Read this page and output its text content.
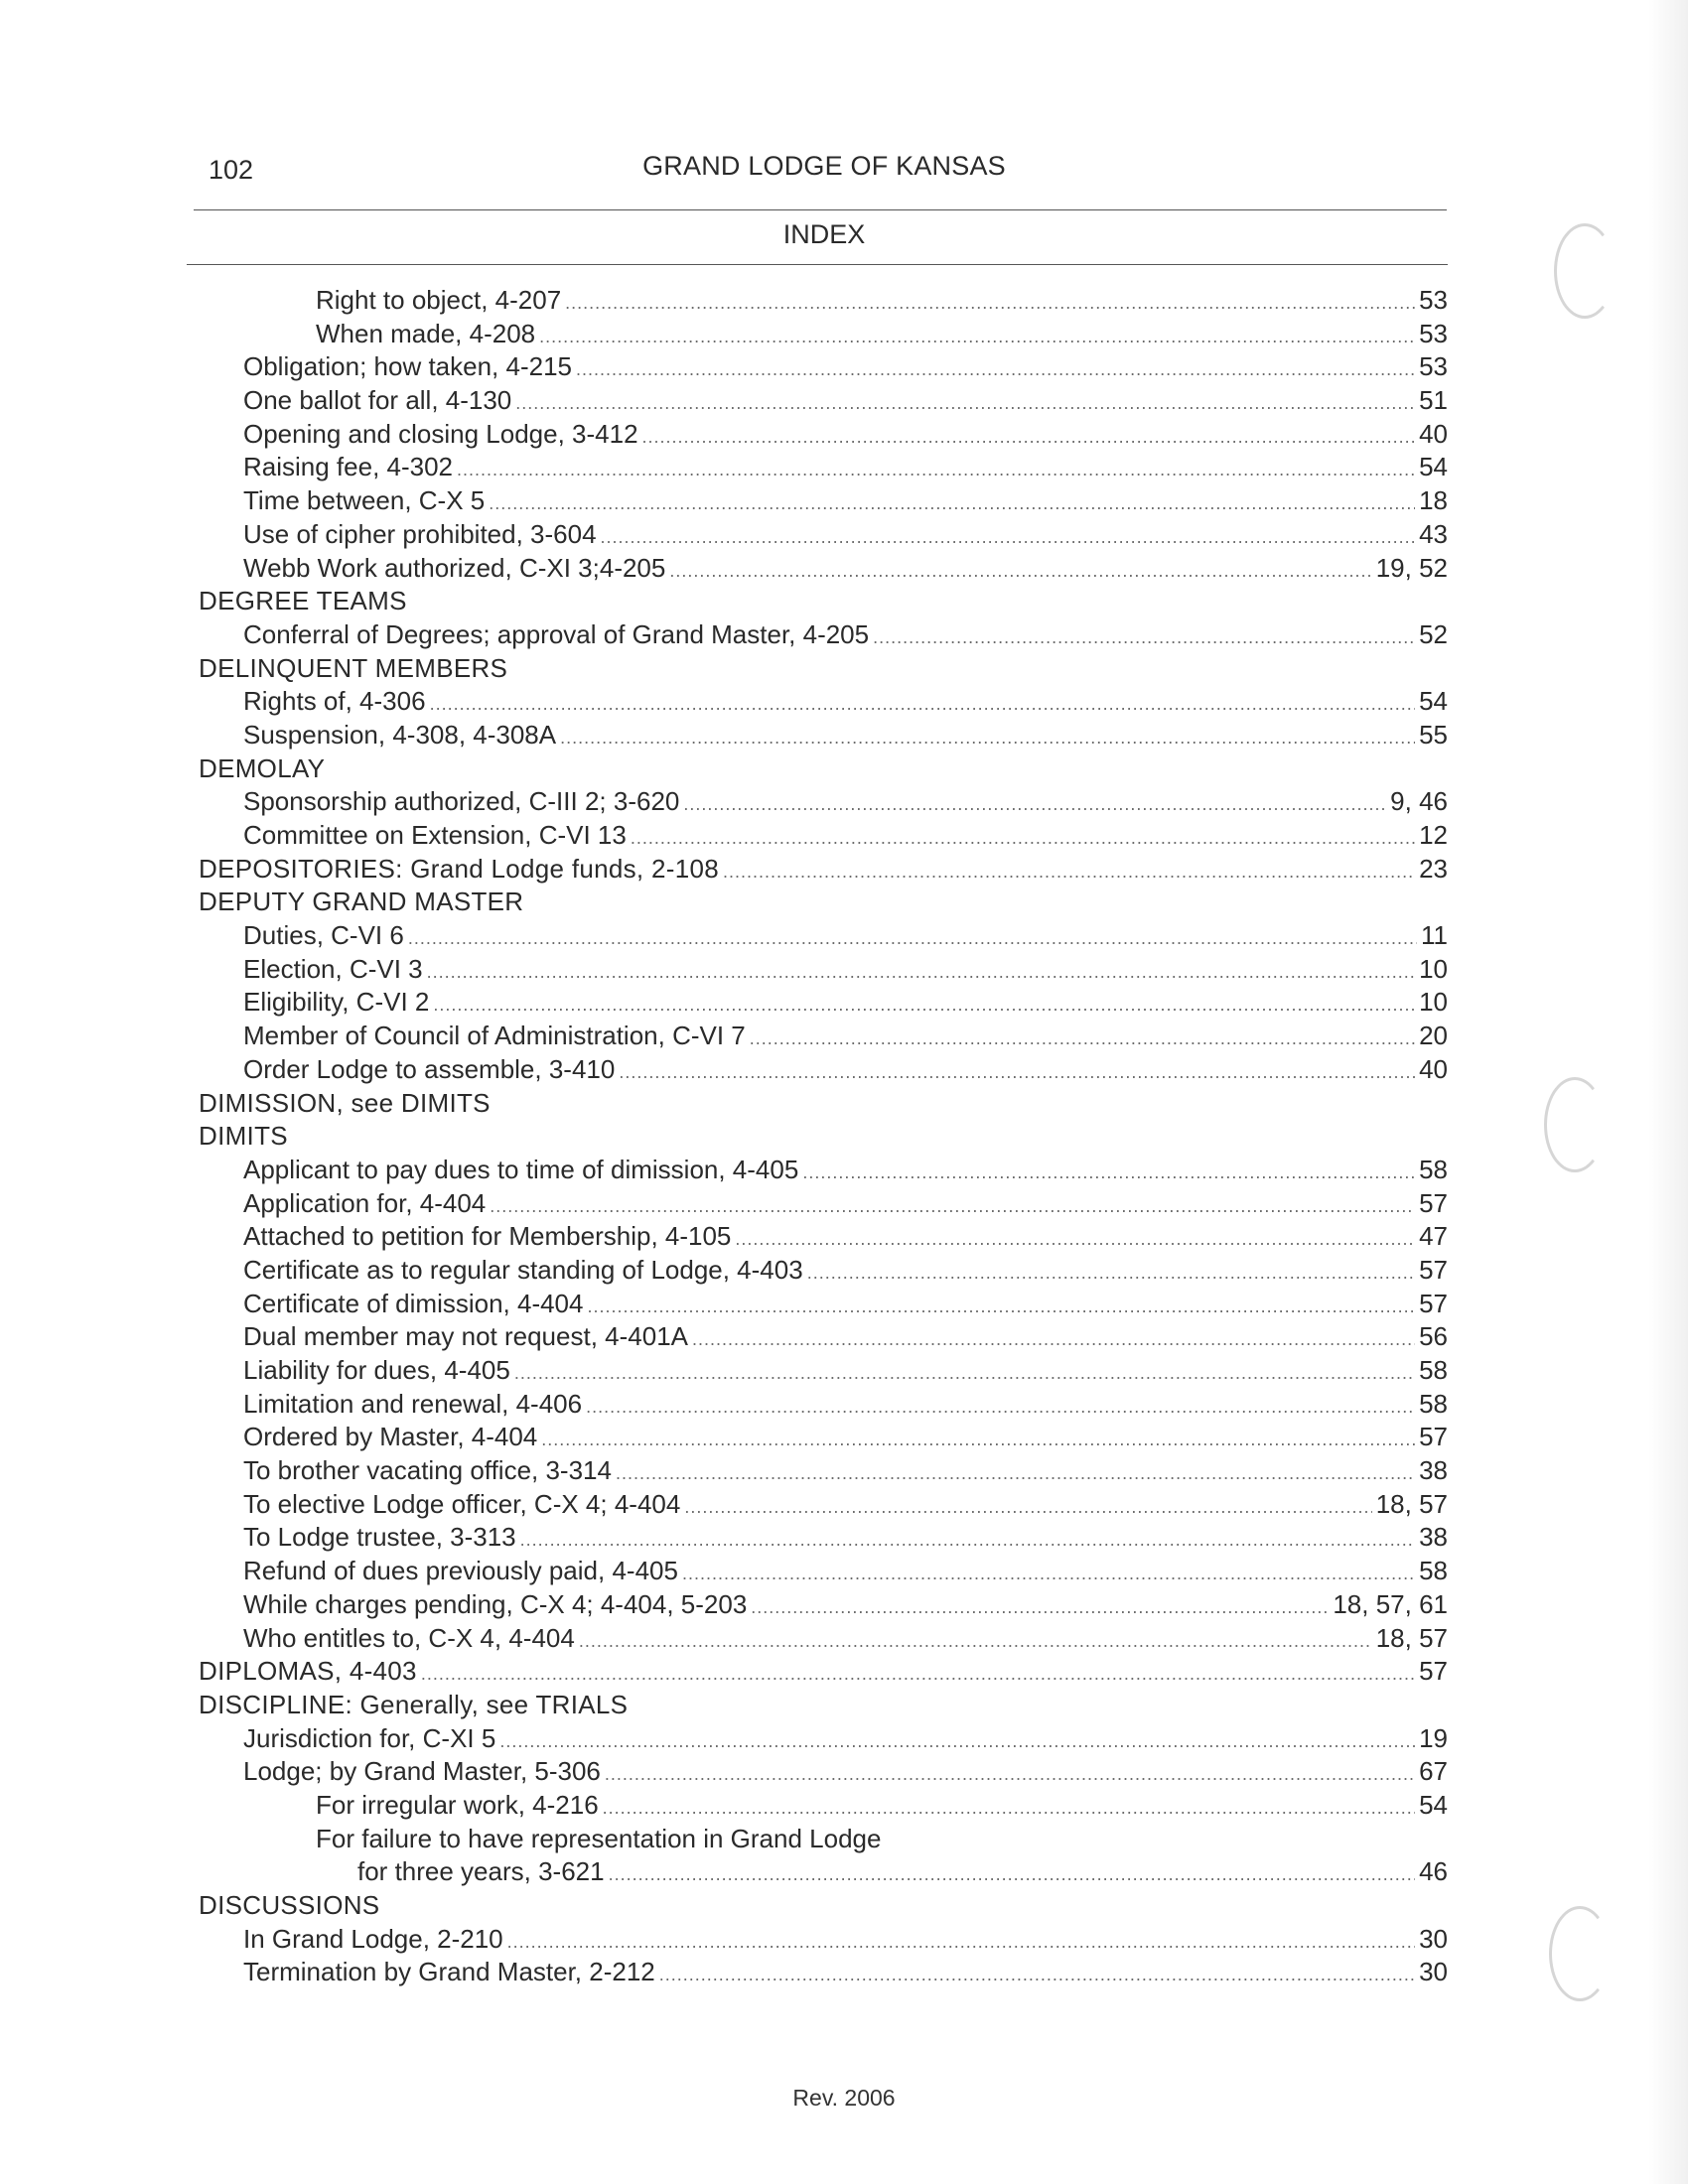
102	GRAND LODGE OF KANSAS
INDEX
Right to object, 4-207 .....	53
When made, 4-208 .....	53
Obligation; how taken, 4-215 .....	53
One ballot for all, 4-130 .....	51
Opening and closing Lodge, 3-412 .....	40
Raising fee, 4-302 .....	54
Time between, C-X 5 .....	18
Use of cipher prohibited, 3-604 .....	43
Webb Work authorized, C-XI 3;4-205 .....	19, 52
DEGREE TEAMS
Conferral of Degrees; approval of Grand Master, 4-205 .....	52
DELINQUENT MEMBERS
Rights of, 4-306 .....	54
Suspension, 4-308, 4-308A .....	55
DEMOLAY
Sponsorship authorized, C-III 2; 3-620 .....	9, 46
Committee on Extension, C-VI 13 .....	12
DEPOSITORIES: Grand Lodge funds, 2-108 .....	23
DEPUTY GRAND MASTER
Duties, C-VI 6 .....	11
Election, C-VI 3 .....	10
Eligibility, C-VI 2 .....	10
Member of Council of Administration, C-VI 7 .....	20
Order Lodge to assemble, 3-410 .....	40
DIMISSION, see DIMITS
DIMITS
Applicant to pay dues to time of dimission, 4-405 .....	58
Application for, 4-404 .....	57
Attached to petition for Membership, 4-105 .....	47
Certificate as to regular standing of Lodge, 4-403 .....	57
Certificate of dimission, 4-404 .....	57
Dual member may not request, 4-401A .....	56
Liability for dues, 4-405 .....	58
Limitation and renewal, 4-406 .....	58
Ordered by Master, 4-404 .....	57
To brother vacating office, 3-314 .....	38
To elective Lodge officer, C-X 4; 4-404 .....	18, 57
To Lodge trustee, 3-313 .....	38
Refund of dues previously paid, 4-405 .....	58
While charges pending, C-X 4; 4-404, 5-203 .....	18, 57, 61
Who entitles to, C-X 4, 4-404 .....	18, 57
DIPLOMAS, 4-403 .....	57
DISCIPLINE: Generally, see TRIALS
Jurisdiction for, C-XI 5 .....	19
Lodge; by Grand Master, 5-306 .....	67
For irregular work, 4-216 .....	54
For failure to have representation in Grand Lodge
for three years, 3-621 .....	46
DISCUSSIONS
In Grand Lodge, 2-210 .....	30
Termination by Grand Master, 2-212 .....	30
Rev. 2006
